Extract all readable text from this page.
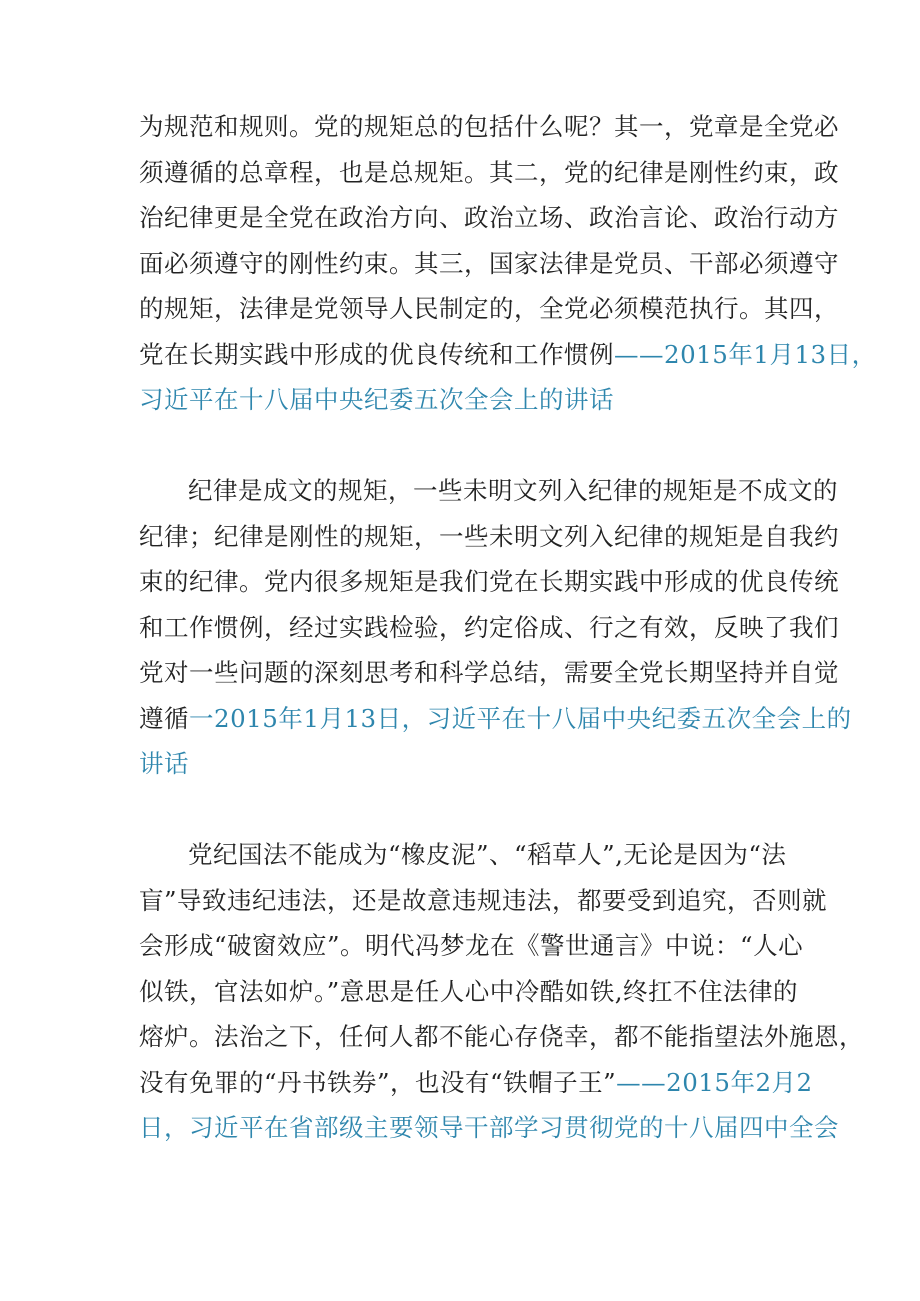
为规范和规则。党的规矩总的包括什么呢？其一，党章是全党必
须遵循的总章程，也是总规矩。其二，党的纪律是刚性约束，政
治纪律更是全党在政治方向、政治立场、政治言论、政治行动方
面必须遵守的刚性约束。其三，国家法律是党员、干部必须遵守
的规矩，法律是党领导人民制定的，全党必须模范执行。其四，
党在长期实践中形成的优良传统和工作惯例——2015年1月13日，
习近平在十八届中央纪委五次全会上的讲话
纪律是成文的规矩，一些未明文列入纪律的规矩是不成文的
纪律；纪律是刚性的规矩，一些未明文列入纪律的规矩是自我约
束的纪律。党内很多规矩是我们党在长期实践中形成的优良传统
和工作惯例，经过实践检验，约定俗成、行之有效，反映了我们
党对一些问题的深刻思考和科学总结，需要全党长期坚持并自觉
遵循一2015年1月13日，习近平在十八届中央纪委五次全会上的
讲话
党纪国法不能成为“橡皮泥”、“稻草人”,无论是因为“法
盲”导致违纪违法，还是故意违规违法，都要受到追究，否则就
会形成“破窗效应”。明代冯梦龙在《警世通言》中说：“人心
似铁，官法如炉。”意思是任人心中冷酷如铁,终扛不住法律的
熔炉。法治之下，任何人都不能心存侥幸，都不能指望法外施恩，
没有免罪的“丹书铁券”，也没有“铁帽子王”——2015年2月2
日，习近平在省部级主要领导干部学习贯彻党的十八届四中全会
